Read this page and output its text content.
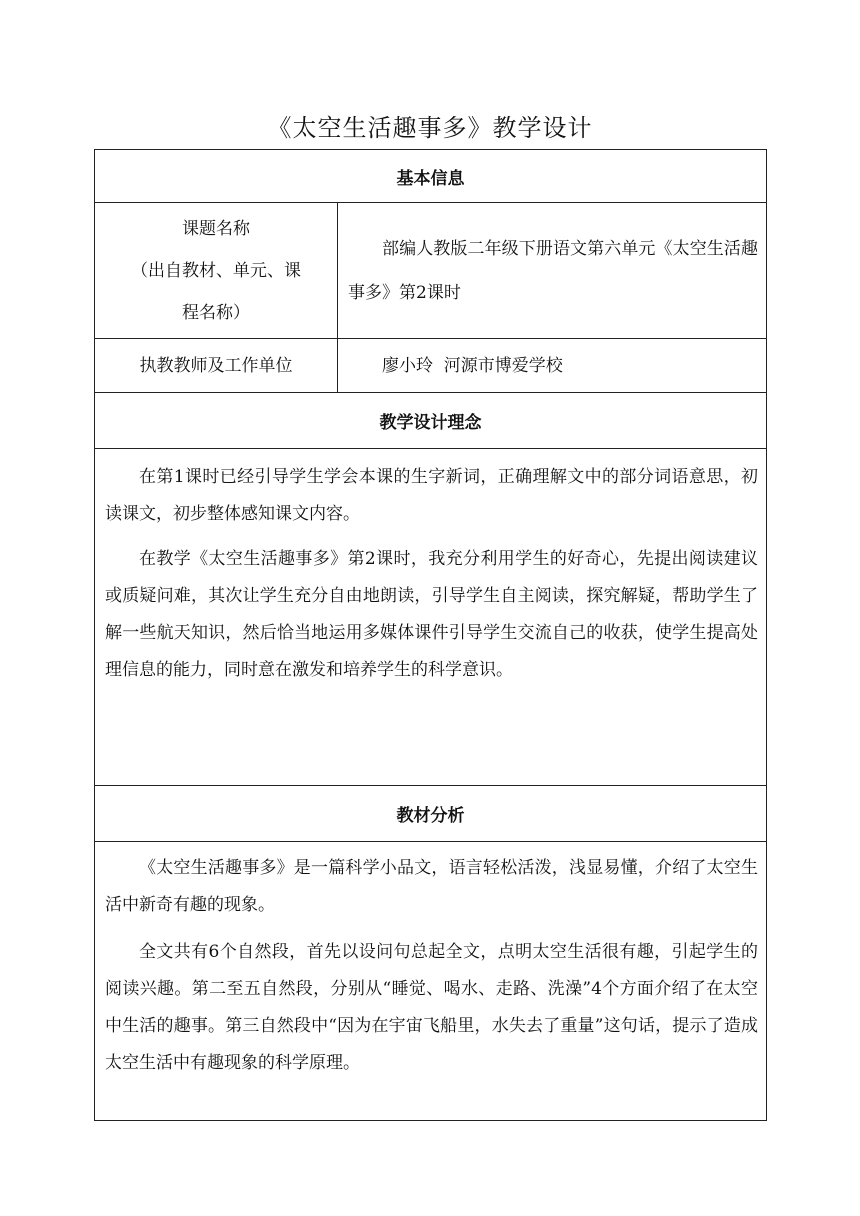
《太空生活趣事多》教学设计
基本信息	

课题名称
（出自教材、单元、课
程名称）	部编人教版二年级下册语文第六单元《太空生活趣事多》第2课时

执教教师及工作单位	廖小玲  河源市博爱学校

教学设计理念	

在第1课时已经引导学生学会本课的生字新词，正确理解文中的部分词语意思，初读课文，初步整体感知课文内容。

在教学《太空生活趣事多》第2课时，我充分利用学生的好奇心，先提出阅读建议或质疑问难，其次让学生充分自由地朗读，引导学生自主阅读，探究解疑，帮助学生了解一些航天知识，然后恰当地运用多媒体课件引导学生交流自己的收获，使学生提高处理信息的能力，同时意在激发和培养学生的科学意识。	

教材分析	

《太空生活趣事多》是一篇科学小品文，语言轻松活泼，浅显易懂，介绍了太空生活中新奇有趣的现象。

全文共有6个自然段，首先以设问句总起全文，点明太空生活很有趣，引起学生的阅读兴趣。第二至五自然段，分别从“睡觉、喝水、走路、洗澡”4个方面介绍了在太空中生活的趣事。第三自然段中“因为在宇宙飞船里，水失去了重量”这句话，提示了造成太空生活中有趣现象的科学原理。	
